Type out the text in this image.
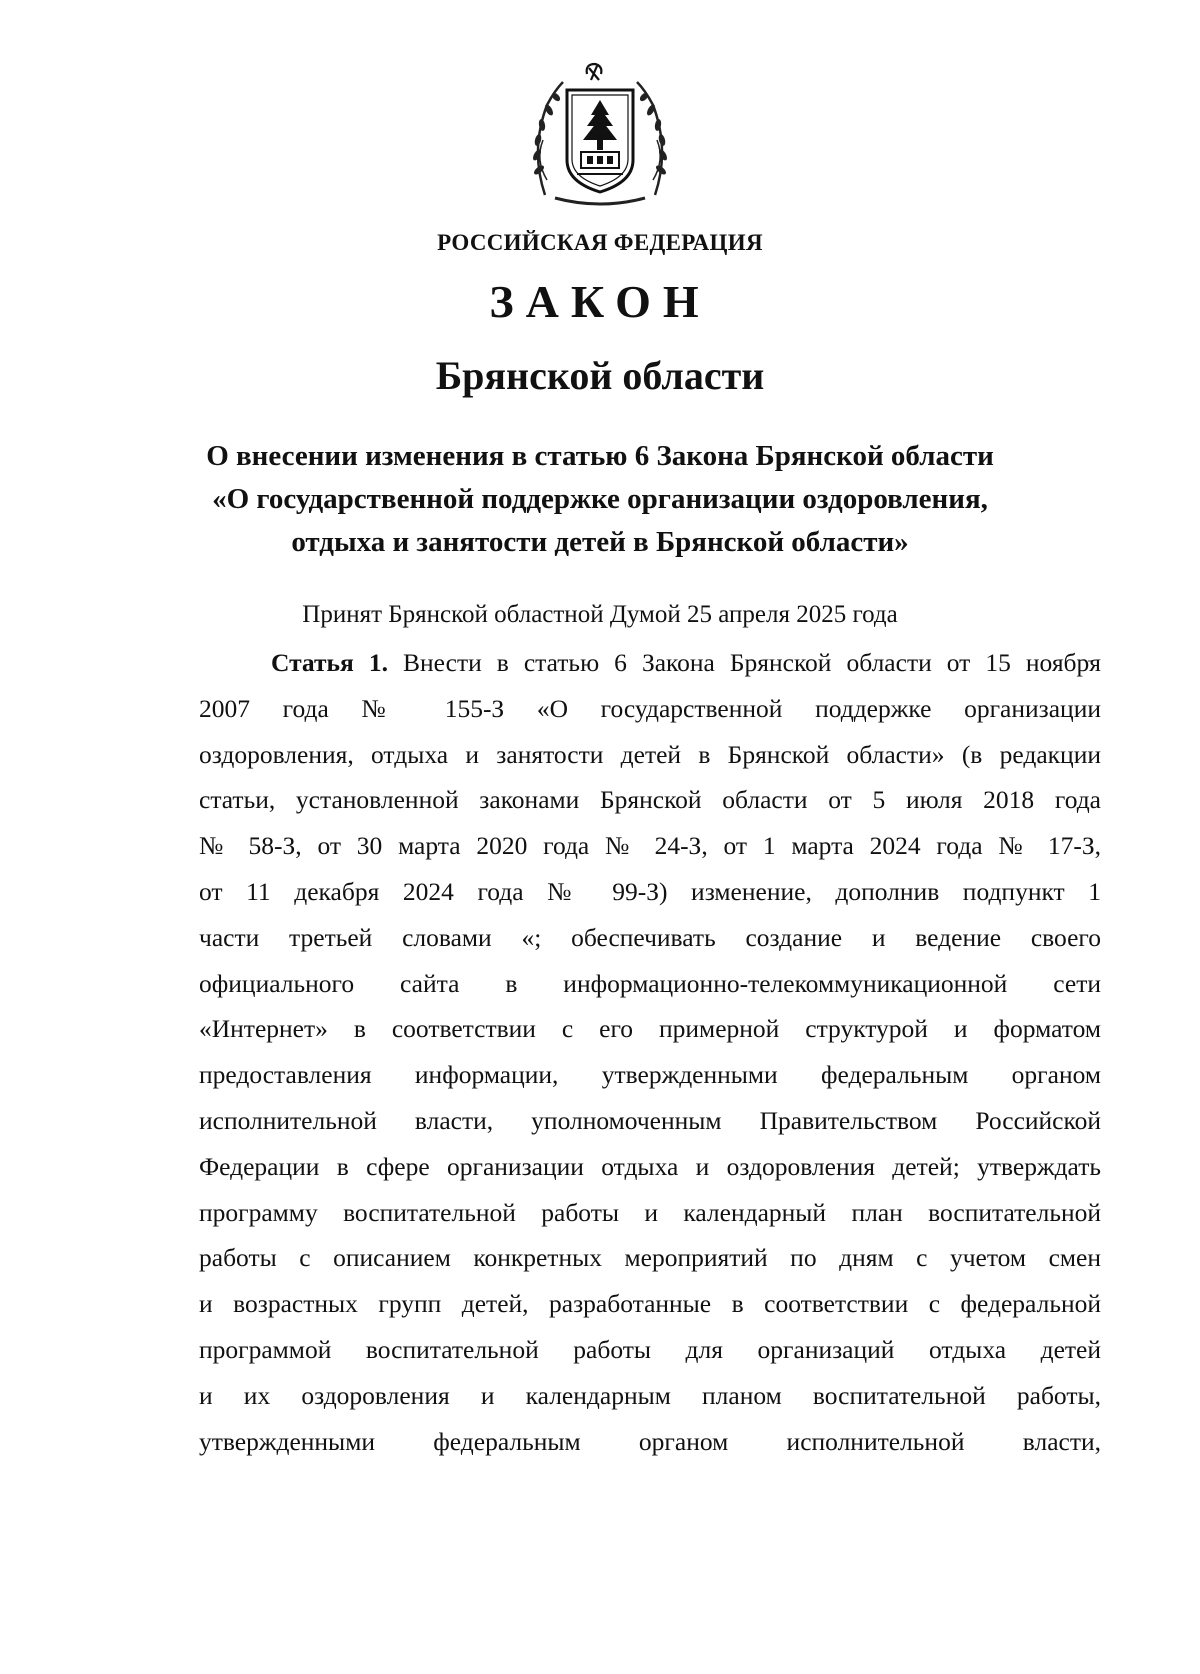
РОССИЙСКАЯ ФЕДЕРАЦИЯ
ЗАКОН
Брянской области
О внесении изменения в статью 6 Закона Брянской области
«О государственной поддержке организации оздоровления,
отдыха и занятости детей в Брянской области»
Принят Брянской областной Думой 25 апреля 2025 года
Статья 1. Внести в статью 6 Закона Брянской области от 15 ноября
2007 года № 155-З «О государственной поддержке организации
оздоровления, отдыха и занятости детей в Брянской области» (в редакции
статьи, установленной законами Брянской области от 5 июля 2018 года
№ 58-З, от 30 марта 2020 года № 24-З, от 1 марта 2024 года № 17-З,
от 11 декабря 2024 года № 99-З) изменение, дополнив подпункт 1
части третьей словами «; обеспечивать создание и ведение своего
официального сайта в информационно-телекоммуникационной сети
«Интернет» в соответствии с его примерной структурой и форматом
предоставления информации, утвержденными федеральным органом
исполнительной власти, уполномоченным Правительством Российской
Федерации в сфере организации отдыха и оздоровления детей; утверждать
программу воспитательной работы и календарный план воспитательной
работы с описанием конкретных мероприятий по дням с учетом смен
и возрастных групп детей, разработанные в соответствии с федеральной
программой воспитательной работы для организаций отдыха детей
и их оздоровления и календарным планом воспитательной работы,
утвержденными федеральным органом исполнительной власти,
